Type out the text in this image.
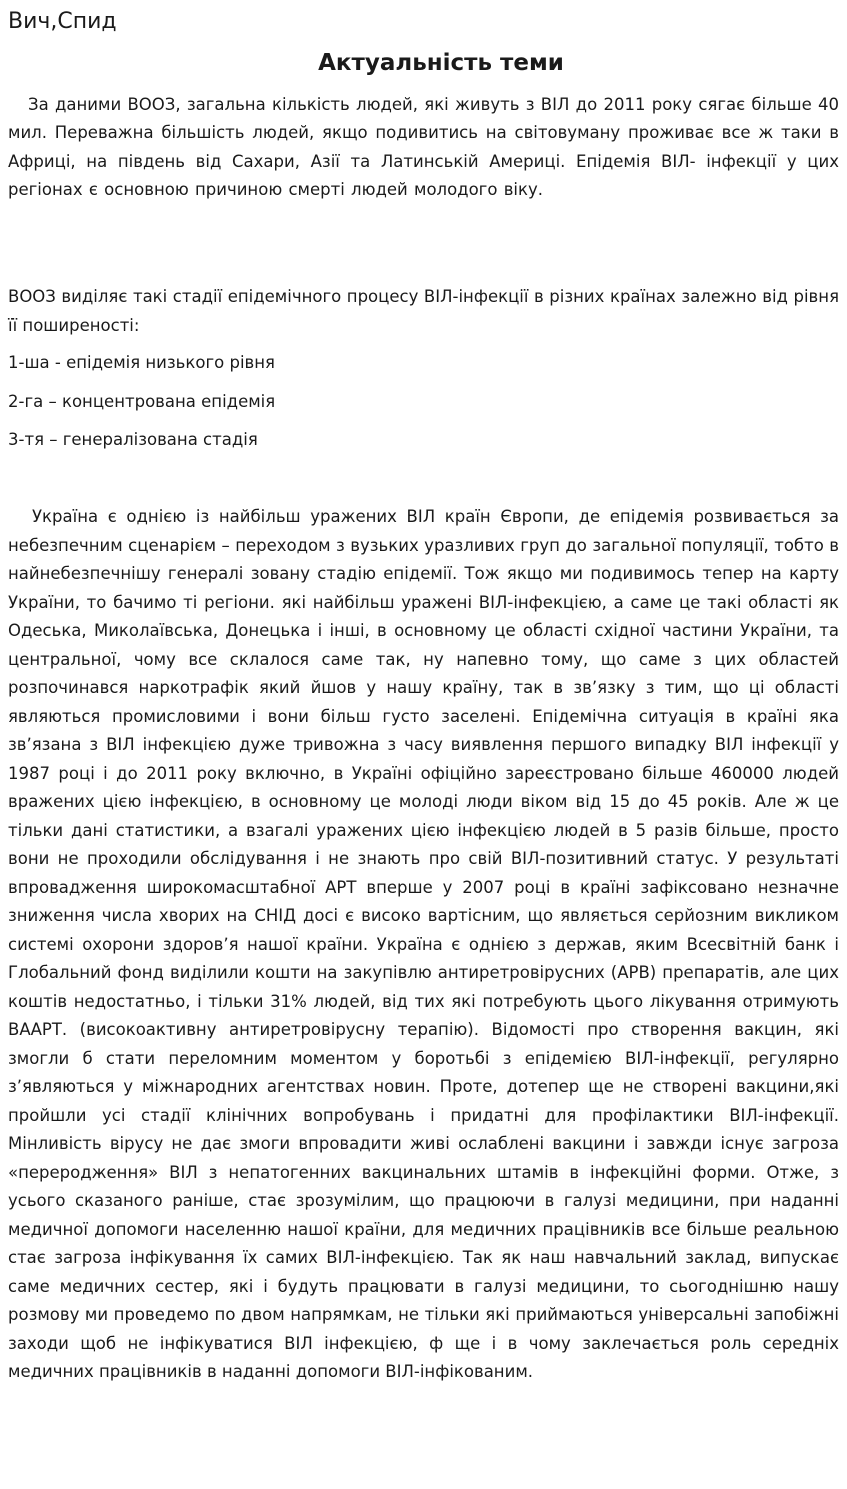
Вич,Спид
Актуальність теми

За даними ВООЗ, загальна кількість людей, які живуть з ВІЛ до 2011 року сягає більше 40 мил. Переважна більшість людей, якщо подивитись на світовуману проживає все ж таки в Африці, на південь від Сахари, Азії та Латинській Америці. Епідемія ВІЛ- інфекції у цих регіонах є основною причиною смерті людей молодого віку.

ВООЗ виділяє такі стадії епідемічного процесу ВІЛ-інфекції в різних країнах залежно від рівня її поширеності:

1-ша - епідемія низького рівня

2-га – концентрована епідемія

3-тя – генералізована стадія

Україна є однією із найбільш уражених ВІЛ країн Європи, де епідемія розвивається за небезпечним сценарієм – переходом з вузьких уразливих груп до загальної популяції, тобто в найнебезпечнішу генералі зовану стадію епідемії. Тож якщо ми подивимось тепер на карту України, то бачимо ті регіони. які найбільш уражені ВІЛ-інфекцією, а саме це такі області як Одеська, Миколаївська, Донецька і інші, в основному це області східної частини України, та центральної, чому все склалося саме так, ну напевно тому, що саме з цих областей розпочинався наркотрафік який йшов у нашу країну, так в звʼязку з тим, що ці області являються промисловими і вони більш густо заселені. Епідемічна ситуація в країні яка звʼязана з ВІЛ інфекцією дуже тривожна з часу виявлення першого випадку ВІЛ інфекції у 1987 році і до 2011 року включно, в Україні офіційно зареєстровано більше 460000 людей вражених цією інфекцією, в основному це молоді люди віком від 15 до 45 років. Але ж це тільки дані статистики, а взагалі уражених цією інфекцією людей в 5 разів більше, просто вони не проходили обслідування і не знають про свій ВІЛ-позитивний статус. У результаті впровадження широкомасштабної АРТ вперше у 2007 році в країні зафіксовано незначне зниження числа хворих на СНІД досі є високо вартісним, що являється серйозним викликом системі охорони здоровʼя нашої країни. Україна є однією з держав, яким Всесвітній банк і Глобальний фонд виділили кошти на закупівлю антиретровірусних (АРВ) препаратів, але цих коштів недостатньо, і тільки 31% людей, від тих які потребують цього лікування отримують ВААРТ. (високоактивну антиретровірусну терапію). Відомості про створення вакцин, які змогли б стати переломним моментом у боротьбі з епідемією ВІЛ-інфекції, регулярно зʼявляються у міжнародних агентствах новин. Проте, дотепер ще не створені вакцини,які пройшли усі стадії клінічних вопробувань і придатні для профілактики ВІЛ-інфекції. Мінливість вірусу не дає змоги впровадити живі ослаблені вакцини і завжди існує загроза «переродження» ВІЛ з непатогенних вакцинальних штамів в інфекційні форми. Отже, з усього сказаного раніше, стає зрозумілим, що працюючи в галузі медицини, при наданні медичної допомоги населенню нашої країни, для медичних працівників все більше реальною стає загроза інфікування їх самих ВІЛ-інфекцією. Так як наш навчальний заклад, випускає саме медичних сестер, які і будуть працювати в галузі медицини, то сьогоднішню нашу розмову ми проведемо по двом напрямкам, не тільки які приймаються універсальні запобіжні заходи щоб не інфікуватися ВІЛ інфекцією, ф ще і в чому заклечається роль середніх медичних працівників в наданні допомоги ВІЛ-інфікованим.
